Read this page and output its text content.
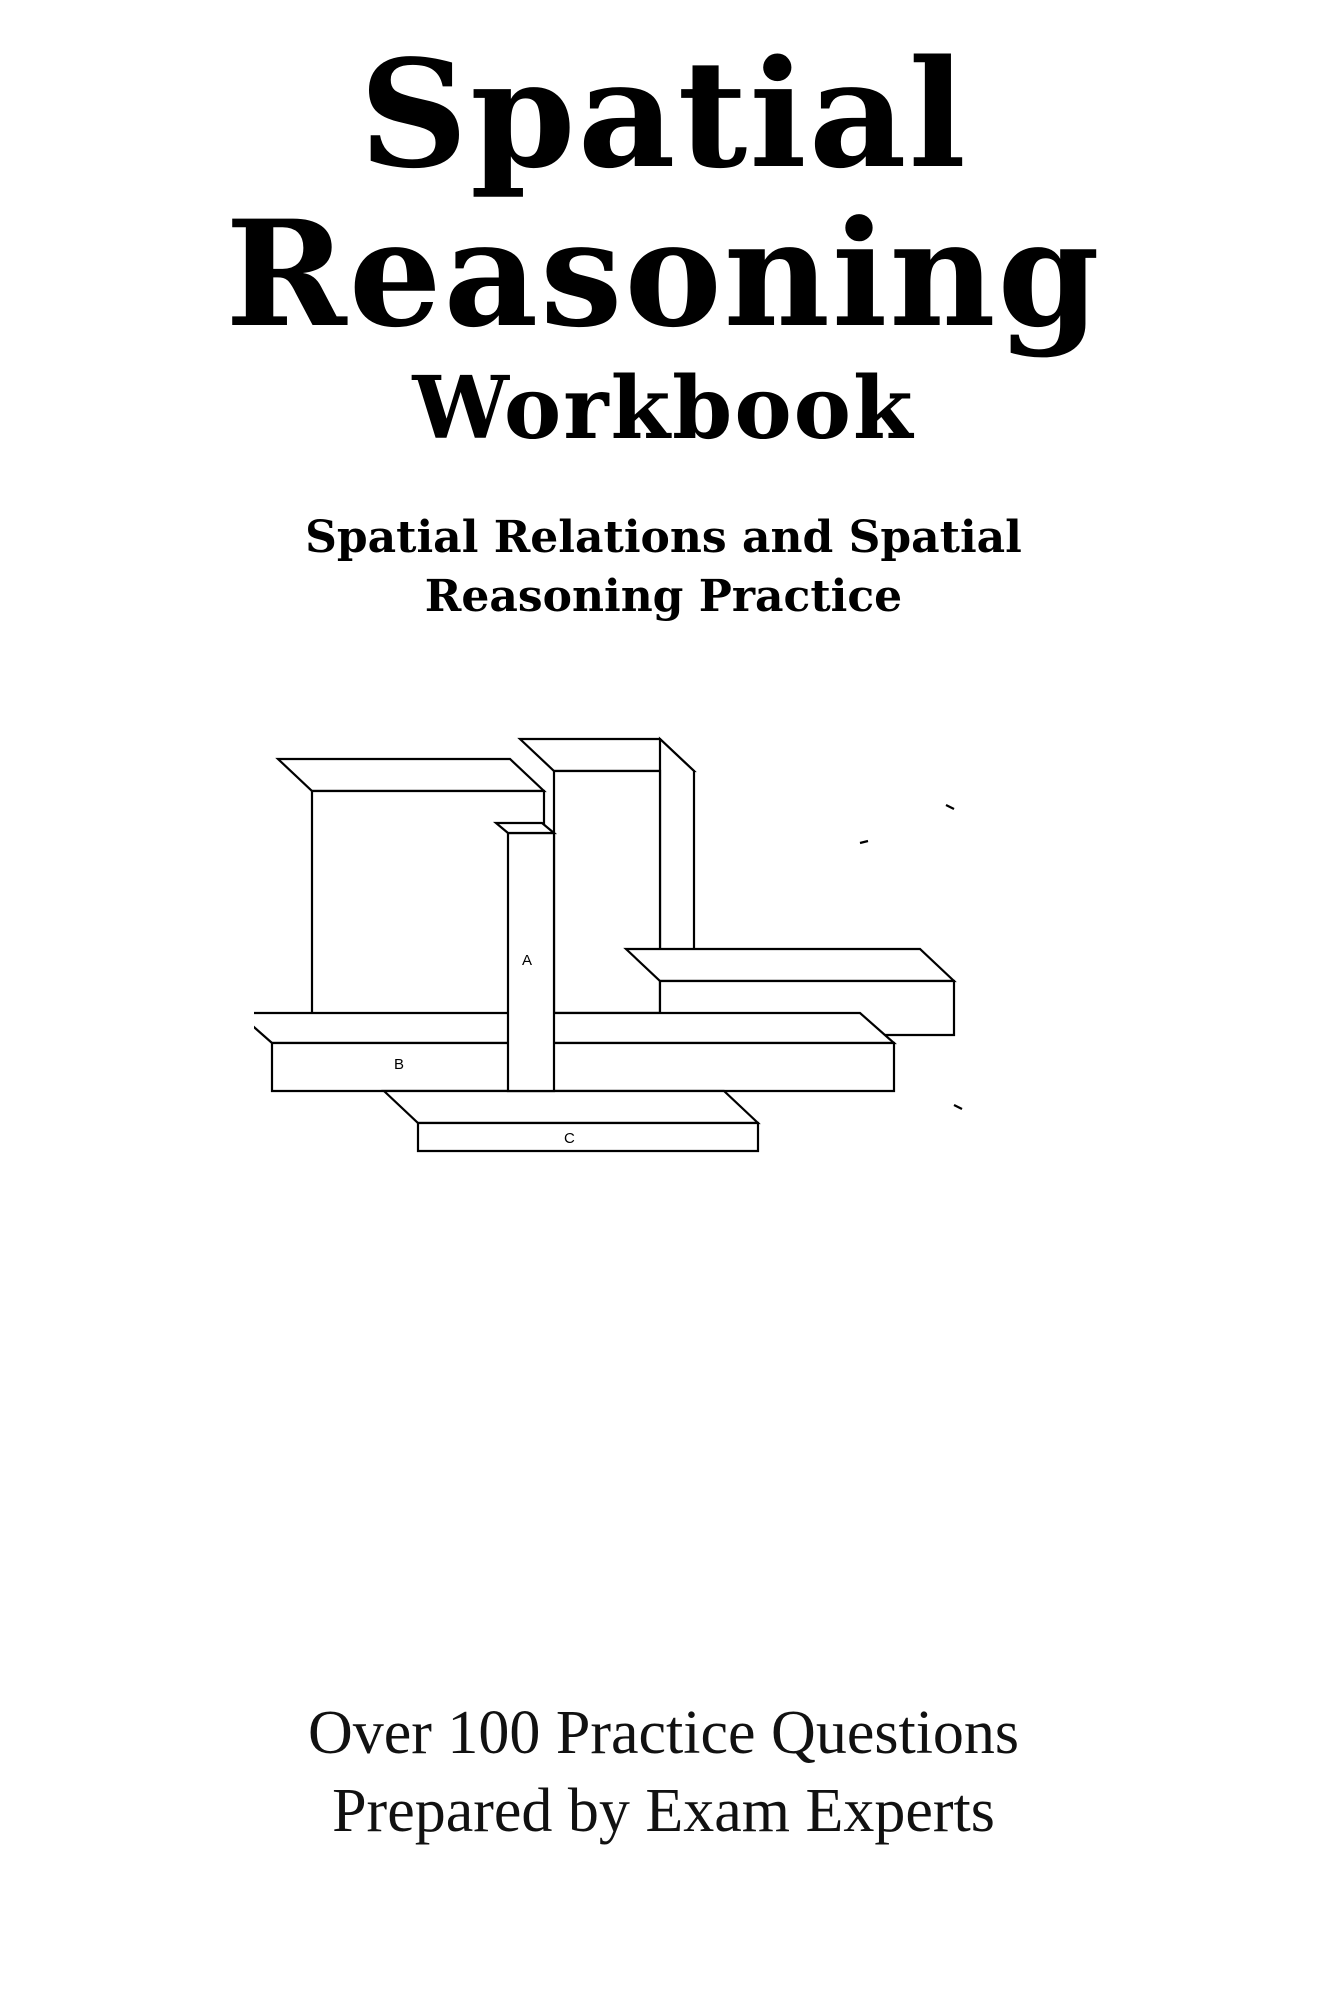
Spatial
Reasoning
Workbook
Spatial Relations and Spatial
Reasoning Practice
A
B
C
Over 100 Practice Questions
Prepared by Exam Experts
